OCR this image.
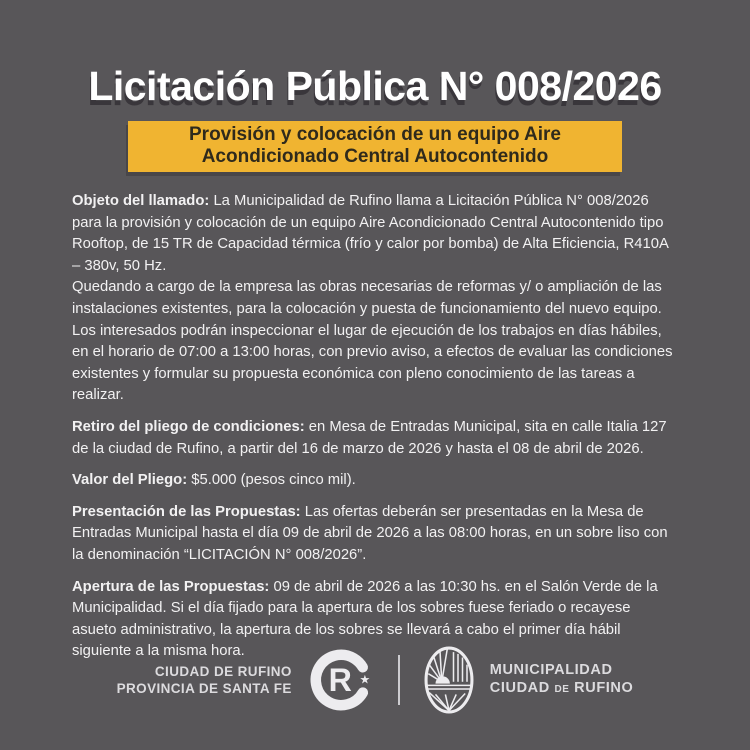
Licitación Pública N° 008/2026
Provisión y colocación de un equipo Aire
Acondicionado Central Autocontenido

Objeto del llamado: La Municipalidad de Rufino llama a Licitación Pública N° 008/2026 para la provisión y colocación de un equipo Aire Acondicionado Central Autocontenido tipo Rooftop, de 15 TR de Capacidad térmica (frío y calor por bomba) de Alta Eficiencia, R410A – 380v, 50 Hz.

Quedando a cargo de la empresa las obras necesarias de reformas y/ o ampliación de las instalaciones existentes, para la colocación y puesta de funcionamiento del nuevo equipo.

Los interesados podrán inspeccionar el lugar de ejecución de los trabajos en días hábiles, en el horario de 07:00 a 13:00 horas, con previo aviso, a efectos de evaluar las condiciones existentes y formular su propuesta económica con pleno conocimiento de las tareas a realizar.

Retiro del pliego de condiciones: en Mesa de Entradas Municipal, sita en calle Italia 127 de la ciudad de Rufino, a partir del 16 de marzo de 2026 y hasta el 08 de abril de 2026.

Valor del Pliego: $5.000 (pesos cinco mil).

Presentación de las Propuestas: Las ofertas deberán ser presentadas en la Mesa de Entradas Municipal hasta el día 09 de abril de 2026 a las 08:00 horas, en un sobre liso con la denominación “LICITACIÓN N° 008/2026”.

Apertura de las Propuestas: 09 de abril de 2026 a las 10:30 hs. en el Salón Verde de la Municipalidad. Si el día fijado para la apertura de los sobres fuese feriado o recayese asueto administrativo, la apertura de los sobres se llevará a cabo el primer día hábil siguiente a la misma hora.

CIUDAD DE RUFINO
PROVINCIA DE SANTA FE R ★
MUNICIPALIDAD
CIUDAD DE RUFINO
